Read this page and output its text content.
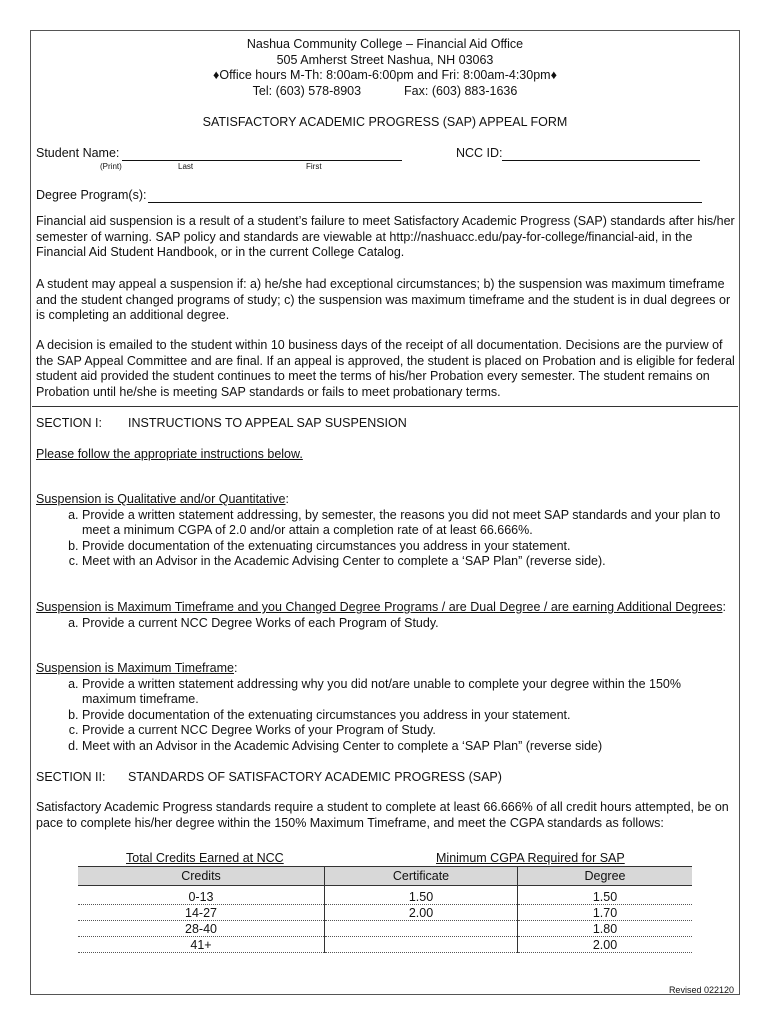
Nashua Community College – Financial Aid Office
505 Amherst Street Nashua, NH 03063
♦Office hours M-Th: 8:00am-6:00pm and Fri: 8:00am-4:30pm♦
Tel: (603) 578-8903	Fax: (603) 883-1636
SATISFACTORY ACADEMIC PROGRESS (SAP) APPEAL FORM
Student Name:
(Print)	Last	First
NCC ID:
Degree Program(s):

Financial aid suspension is a result of a student’s failure to meet Satisfactory Academic Progress (SAP) standards after his/her semester of warning. SAP policy and standards are viewable at http://nashuacc.edu/pay-for-college/financial-aid, in the Financial Aid Student Handbook, or in the current College Catalog.

A student may appeal a suspension if: a) he/she had exceptional circumstances; b) the suspension was maximum timeframe and the student changed programs of study; c) the suspension was maximum timeframe and the student is in dual degrees or is completing an additional degree.

A decision is emailed to the student within 10 business days of the receipt of all documentation. Decisions are the purview of the SAP Appeal Committee and are final. If an appeal is approved, the student is placed on Probation and is eligible for federal student aid provided the student continues to meet the terms of his/her Probation every semester. The student remains on Probation until he/she is meeting SAP standards or fails to meet probationary terms.

SECTION I: INSTRUCTIONS TO APPEAL SAP SUSPENSION
Please follow the appropriate instructions below.
Suspension is Qualitative and/or Quantitative:
a. Provide a written statement addressing, by semester, the reasons you did not meet SAP standards and your plan to meet a minimum CGPA of 2.0 and/or attain a completion rate of at least 66.666%.
b. Provide documentation of the extenuating circumstances you address in your statement.
c. Meet with an Advisor in the Academic Advising Center to complete a ‘SAP Plan” (reverse side).
Suspension is Maximum Timeframe and you Changed Degree Programs / are Dual Degree / are earning Additional Degrees:
a. Provide a current NCC Degree Works of each Program of Study.
Suspension is Maximum Timeframe:
a. Provide a written statement addressing why you did not/are unable to complete your degree within the 150% maximum timeframe.
b. Provide documentation of the extenuating circumstances you address in your statement.
c. Provide a current NCC Degree Works of your Program of Study.
d. Meet with an Advisor in the Academic Advising Center to complete a ‘SAP Plan” (reverse side)
SECTION II: STANDARDS OF SATISFACTORY ACADEMIC PROGRESS (SAP)

Satisfactory Academic Progress standards require a student to complete at least 66.666% of all credit hours attempted, be on pace to complete his/her degree within the 150% Maximum Timeframe, and meet the CGPA standards as follows:

Total Credits Earned at NCC	Minimum CGPA Required for SAP
Credits	Certificate	Degree
0-13	1.50	1.50
14-27	2.00	1.70
28-40		1.80
41+		2.00
Revised 022120
